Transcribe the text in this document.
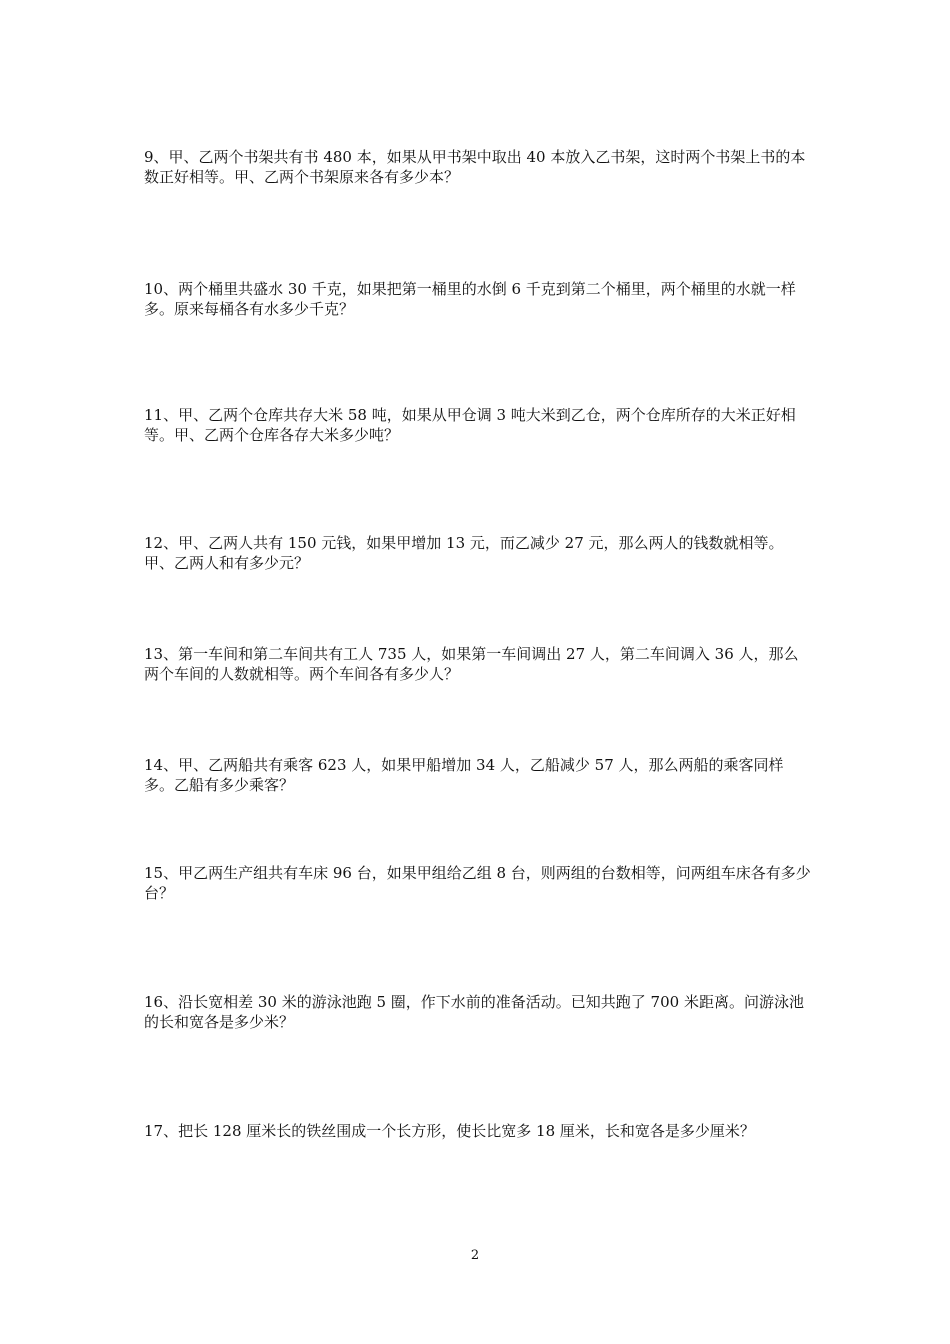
9、甲、乙两个书架共有书 480 本，如果从甲书架中取出 40 本放入乙书架，这时两个书架上书的本数正好相等。甲、乙两个书架原来各有多少本？

10、两个桶里共盛水 30 千克，如果把第一桶里的水倒 6 千克到第二个桶里，两个桶里的水就一样多。原来每桶各有水多少千克？

11、甲、乙两个仓库共存大米 58 吨，如果从甲仓调 3 吨大米到乙仓，两个仓库所存的大米正好相等。甲、乙两个仓库各存大米多少吨？

12、甲、乙两人共有 150 元钱，如果甲增加 13 元，而乙减少 27 元，那么两人的钱数就相等。甲、乙两人和有多少元？

13、第一车间和第二车间共有工人 735 人，如果第一车间调出 27 人，第二车间调入 36 人，那么两个车间的人数就相等。两个车间各有多少人？

14、甲、乙两船共有乘客 623 人，如果甲船增加 34 人，乙船减少 57 人，那么两船的乘客同样多。乙船有多少乘客？

15、甲乙两生产组共有车床 96 台，如果甲组给乙组 8 台，则两组的台数相等，问两组车床各有多少台？

16、沿长宽相差 30 米的游泳池跑 5 圈，作下水前的准备活动。已知共跑了 700 米距离。问游泳池的长和宽各是多少米？

17、把长 128 厘米长的铁丝围成一个长方形，使长比宽多 18 厘米，长和宽各是多少厘米？

2
